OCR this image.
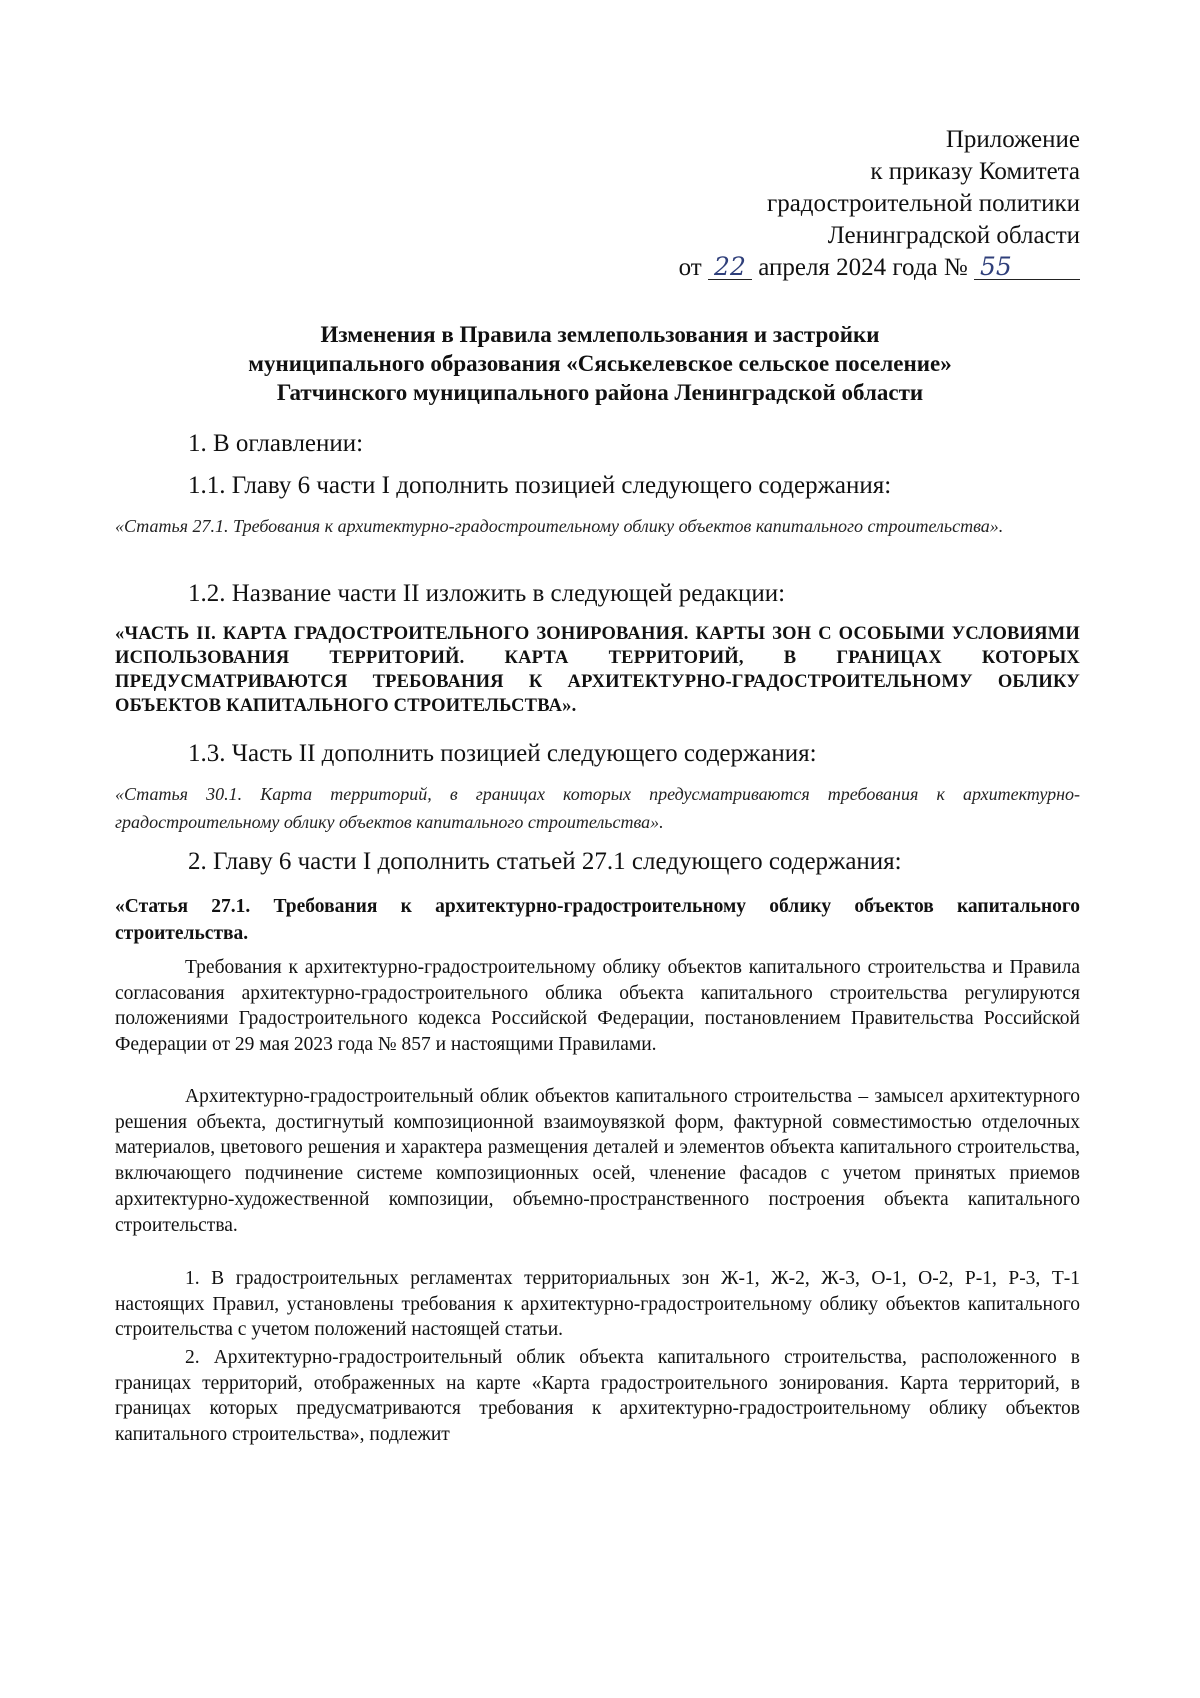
Приложение
к приказу Комитета
градостроительной политики
Ленинградской области
от 22 апреля 2024 года № 55
Изменения в Правила землепользования и застройки
муниципального образования «Сяськелевское сельское поселение»
Гатчинского муниципального района Ленинградской области
1. В оглавлении:
1.1. Главу 6 части I дополнить позицией следующего содержания:
«Статья 27.1. Требования к архитектурно-градостроительному облику объектов капитального строительства».
1.2. Название части II изложить в следующей редакции:
«ЧАСТЬ II. КАРТА ГРАДОСТРОИТЕЛЬНОГО ЗОНИРОВАНИЯ. КАРТЫ ЗОН С ОСОБЫМИ УСЛОВИЯМИ ИСПОЛЬЗОВАНИЯ ТЕРРИТОРИЙ. КАРТА ТЕРРИТОРИЙ, В ГРАНИЦАХ КОТОРЫХ ПРЕДУСМАТРИВАЮТСЯ ТРЕБОВАНИЯ К АРХИТЕКТУРНО-ГРАДОСТРОИТЕЛЬНОМУ ОБЛИКУ ОБЪЕКТОВ КАПИТАЛЬНОГО СТРОИТЕЛЬСТВА».
1.3. Часть II дополнить позицией следующего содержания:
«Статья 30.1. Карта территорий, в границах которых предусматриваются требования к архитектурно-градостроительному облику объектов капитального строительства».
2. Главу 6 части I дополнить статьей 27.1 следующего содержания:
«Статья 27.1. Требования к архитектурно-градостроительному облику объектов капитального строительства.
Требования к архитектурно-градостроительному облику объектов капитального строительства и Правила согласования архитектурно-градостроительного облика объекта капитального строительства регулируются положениями Градостроительного кодекса Российской Федерации, постановлением Правительства Российской Федерации от 29 мая 2023 года № 857 и настоящими Правилами.
Архитектурно-градостроительный облик объектов капитального строительства – замысел архитектурного решения объекта, достигнутый композиционной взаимоувязкой форм, фактурной совместимостью отделочных материалов, цветового решения и характера размещения деталей и элементов объекта капитального строительства, включающего подчинение системе композиционных осей, членение фасадов с учетом принятых приемов архитектурно-художественной композиции, объемно-пространственного построения объекта капитального строительства.
1. В градостроительных регламентах территориальных зон Ж-1, Ж-2, Ж-3, О-1, О-2, Р-1, Р-3, Т-1 настоящих Правил, установлены требования к архитектурно-градостроительному облику объектов капитального строительства с учетом положений настоящей статьи.
2. Архитектурно-градостроительный облик объекта капитального строительства, расположенного в границах территорий, отображенных на карте «Карта градостроительного зонирования. Карта территорий, в границах которых предусматриваются требования к архитектурно-градостроительному облику объектов капитального строительства», подлежит
